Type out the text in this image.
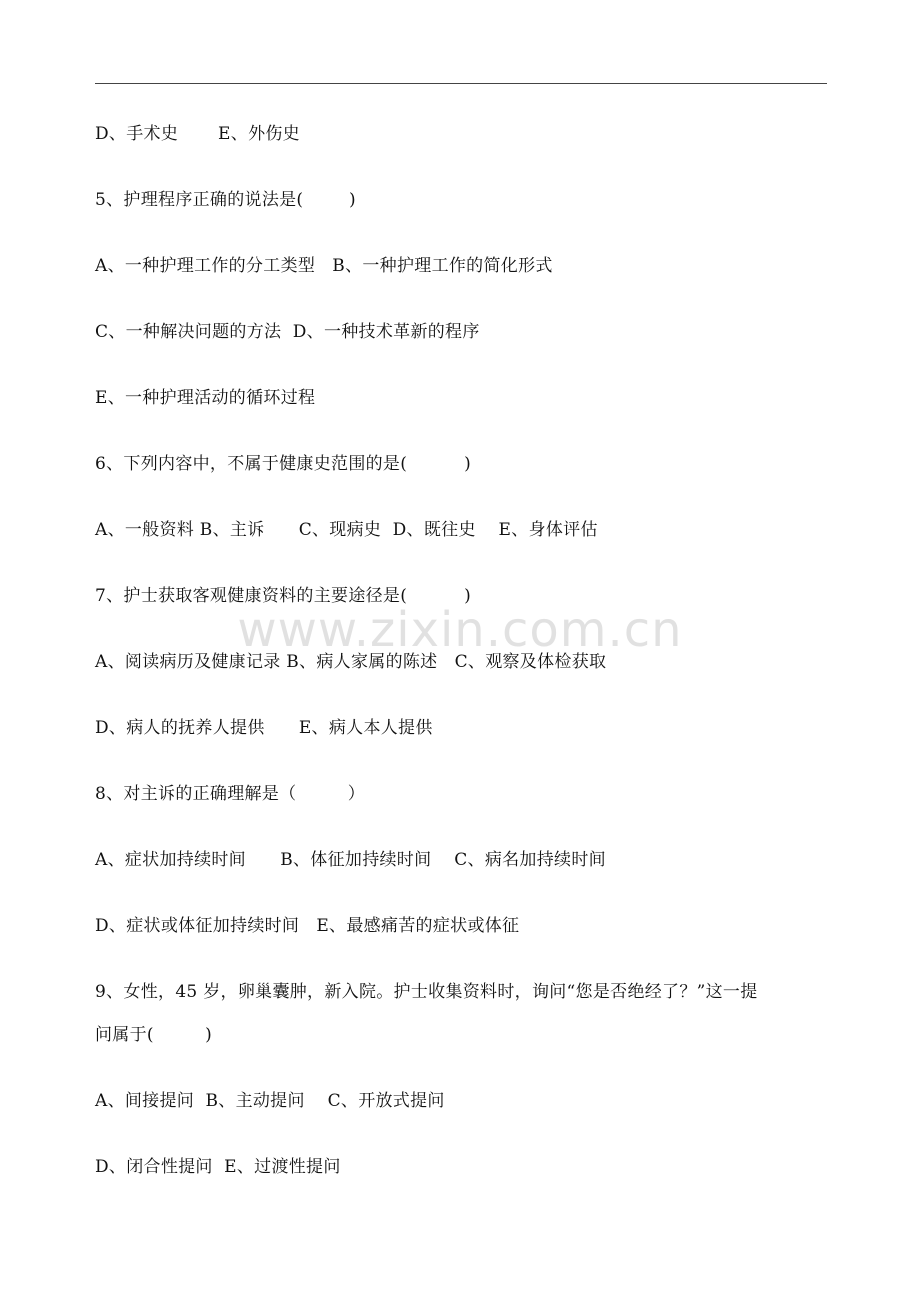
D、手术史       E、外伤史
5、护理程序正确的说法是(        )
A、一种护理工作的分工类型   B、一种护理工作的简化形式
C、一种解决问题的方法  D、一种技术革新的程序
E、一种护理活动的循环过程
6、下列内容中，不属于健康史范围的是(          )
A、一般资料 B、主诉      C、现病史  D、既往史    E、身体评估
7、护士获取客观健康资料的主要途径是(          )
A、阅读病历及健康记录 B、病人家属的陈述   C、观察及体检获取
D、病人的抚养人提供      E、病人本人提供
8、对主诉的正确理解是（         ）
A、症状加持续时间      B、体征加持续时间    C、病名加持续时间
D、症状或体征加持续时间   E、最感痛苦的症状或体征
9、女性，45 岁，卵巢囊肿，新入院。护士收集资料时，询问“您是否绝经了？”这一提
问属于(         )
A、间接提问  B、主动提问    C、开放式提问
D、闭合性提问  E、过渡性提问
www.zixin.com.cn
